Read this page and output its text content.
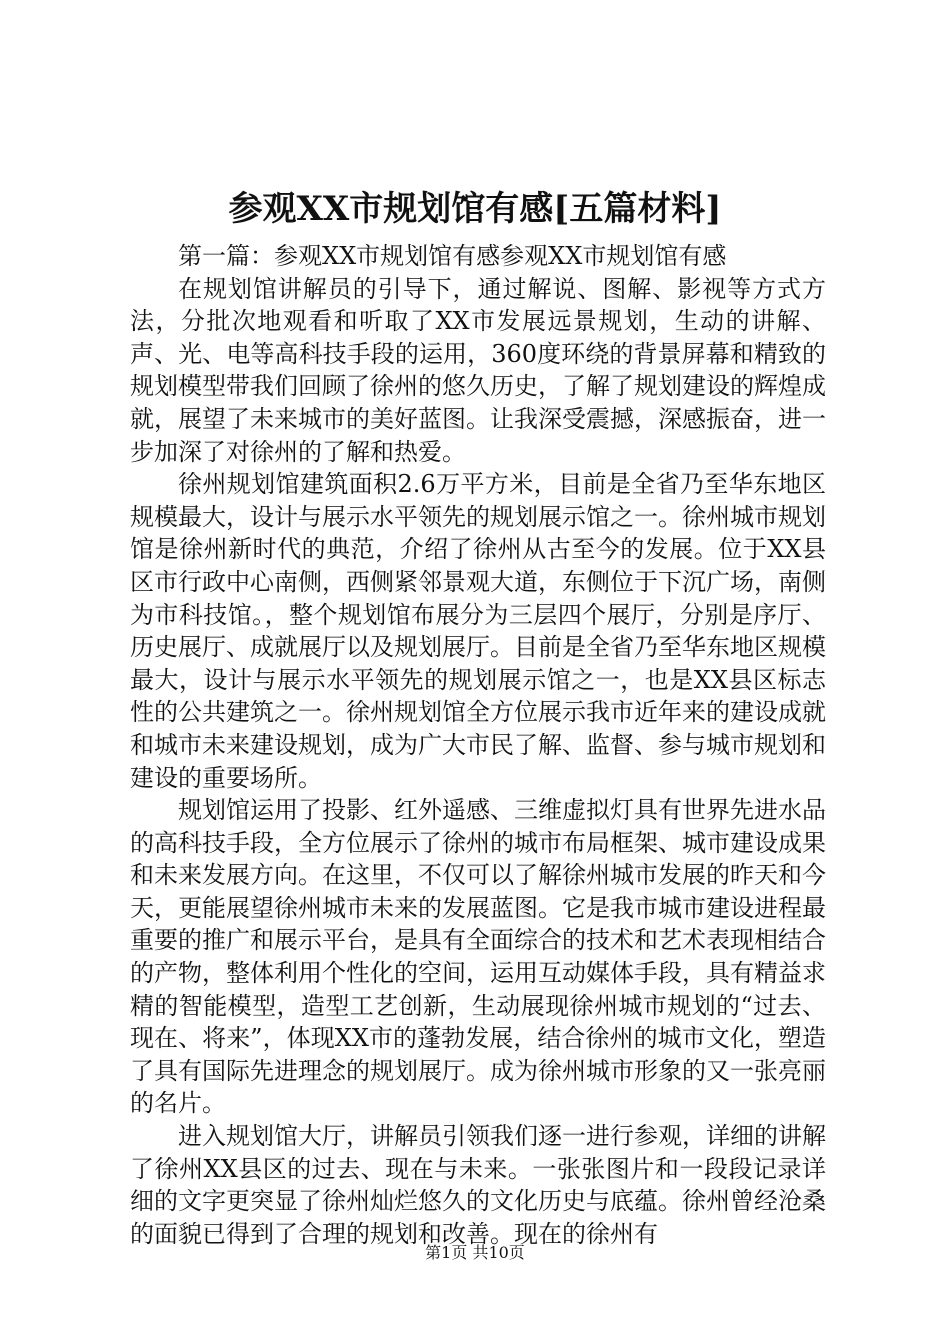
参观XX市规划馆有感[五篇材料]

第一篇：参观XX市规划馆有感参观XX市规划馆有感

在规划馆讲解员的引导下，通过解说、图解、影视等方式方法，分批次地观看和听取了XX市发展远景规划，生动的讲解、声、光、电等高科技手段的运用，360度环绕的背景屏幕和精致的规划模型带我们回顾了徐州的悠久历史，了解了规划建设的辉煌成就，展望了未来城市的美好蓝图。让我深受震撼，深感振奋，进一步加深了对徐州的了解和热爱。

徐州规划馆建筑面积2.6万平方米，目前是全省乃至华东地区规模最大，设计与展示水平领先的规划展示馆之一。徐州城市规划馆是徐州新时代的典范，介绍了徐州从古至今的发展。位于XX县区市行政中心南侧，西侧紧邻景观大道，东侧位于下沉广场，南侧为市科技馆。，整个规划馆布展分为三层四个展厅，分别是序厅、历史展厅、成就展厅以及规划展厅。目前是全省乃至华东地区规模最大，设计与展示水平领先的规划展示馆之一，也是XX县区标志性的公共建筑之一。徐州规划馆全方位展示我市近年来的建设成就和城市未来建设规划，成为广大市民了解、监督、参与城市规划和建设的重要场所。

规划馆运用了投影、红外遥感、三维虚拟灯具有世界先进水品的高科技手段，全方位展示了徐州的城市布局框架、城市建设成果和未来发展方向。在这里，不仅可以了解徐州城市发展的昨天和今天，更能展望徐州城市未来的发展蓝图。它是我市城市建设进程最重要的推广和展示平台，是具有全面综合的技术和艺术表现相结合的产物，整体利用个性化的空间，运用互动媒体手段，具有精益求精的智能模型，造型工艺创新，生动展现徐州城市规划的“过去、现在、将来”，体现XX市的蓬勃发展，结合徐州的城市文化，塑造了具有国际先进理念的规划展厅。成为徐州城市形象的又一张亮丽的名片。

进入规划馆大厅，讲解员引领我们逐一进行参观，详细的讲解了徐州XX县区的过去、现在与未来。一张张图片和一段段记录详细的文字更突显了徐州灿烂悠久的文化历史与底蕴。徐州曾经沧桑的面貌已得到了合理的规划和改善。现在的徐州有

第1页 共10页
